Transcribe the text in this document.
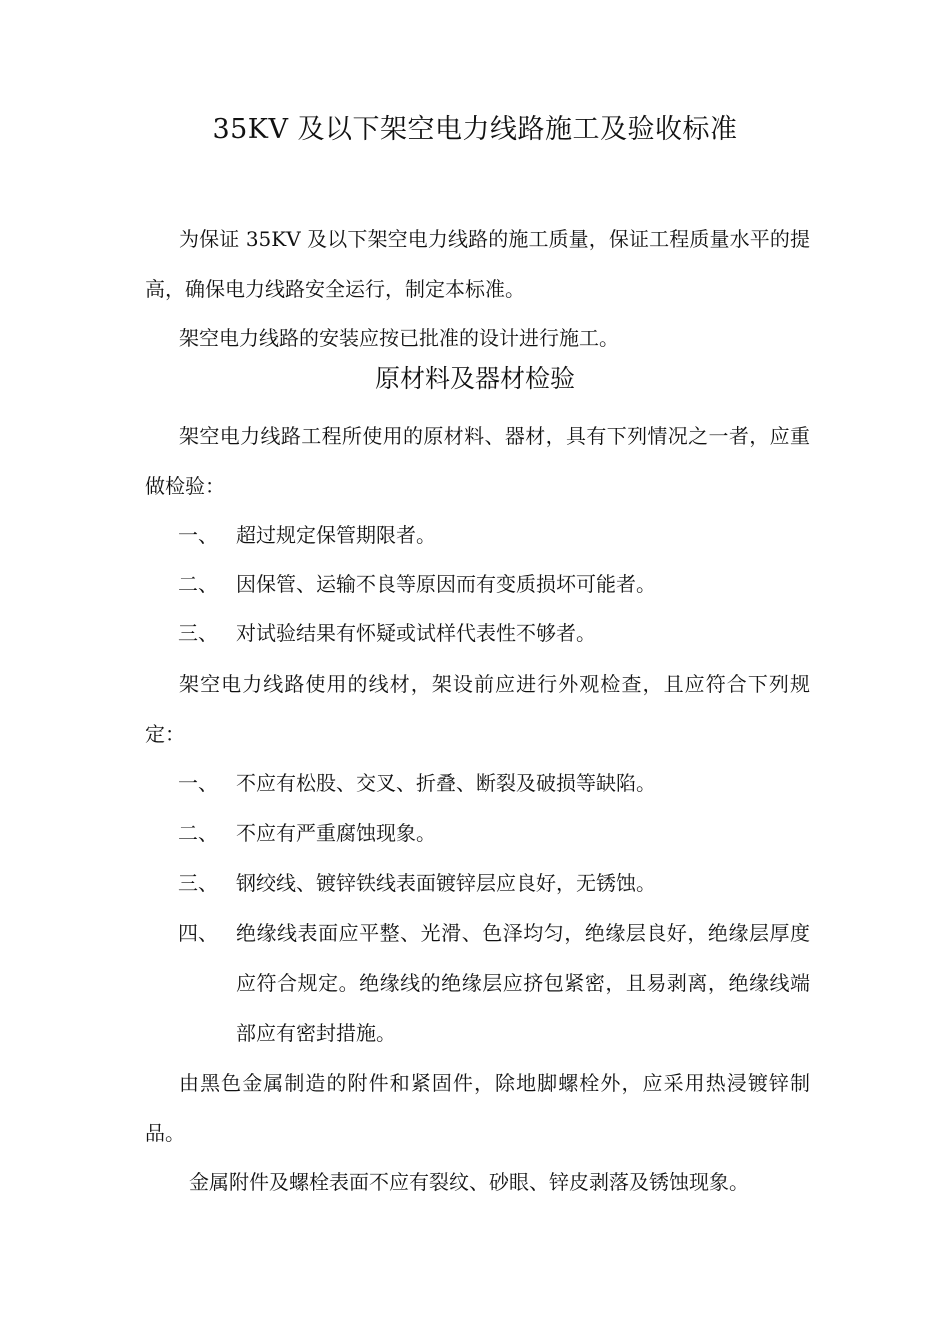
35KV 及以下架空电力线路施工及验收标准

为保证 35KV 及以下架空电力线路的施工质量，保证工程质量水平的提高，确保电力线路安全运行，制定本标准。

架空电力线路的安装应按已批准的设计进行施工。

原材料及器材检验

架空电力线路工程所使用的原材料、器材，具有下列情况之一者，应重做检验：

一、 超过规定保管期限者。
二、 因保管、运输不良等原因而有变质损坏可能者。
三、 对试验结果有怀疑或试样代表性不够者。

架空电力线路使用的线材，架设前应进行外观检查，且应符合下列规定：

一、 不应有松股、交叉、折叠、断裂及破损等缺陷。
二、 不应有严重腐蚀现象。
三、 钢绞线、镀锌铁线表面镀锌层应良好，无锈蚀。
四、 绝缘线表面应平整、光滑、色泽均匀，绝缘层良好，绝缘层厚度应符合规定。绝缘线的绝缘层应挤包紧密，且易剥离，绝缘线端部应有密封措施。

由黑色金属制造的附件和紧固件，除地脚螺栓外，应采用热浸镀锌制品。

金属附件及螺栓表面不应有裂纹、砂眼、锌皮剥落及锈蚀现象。
